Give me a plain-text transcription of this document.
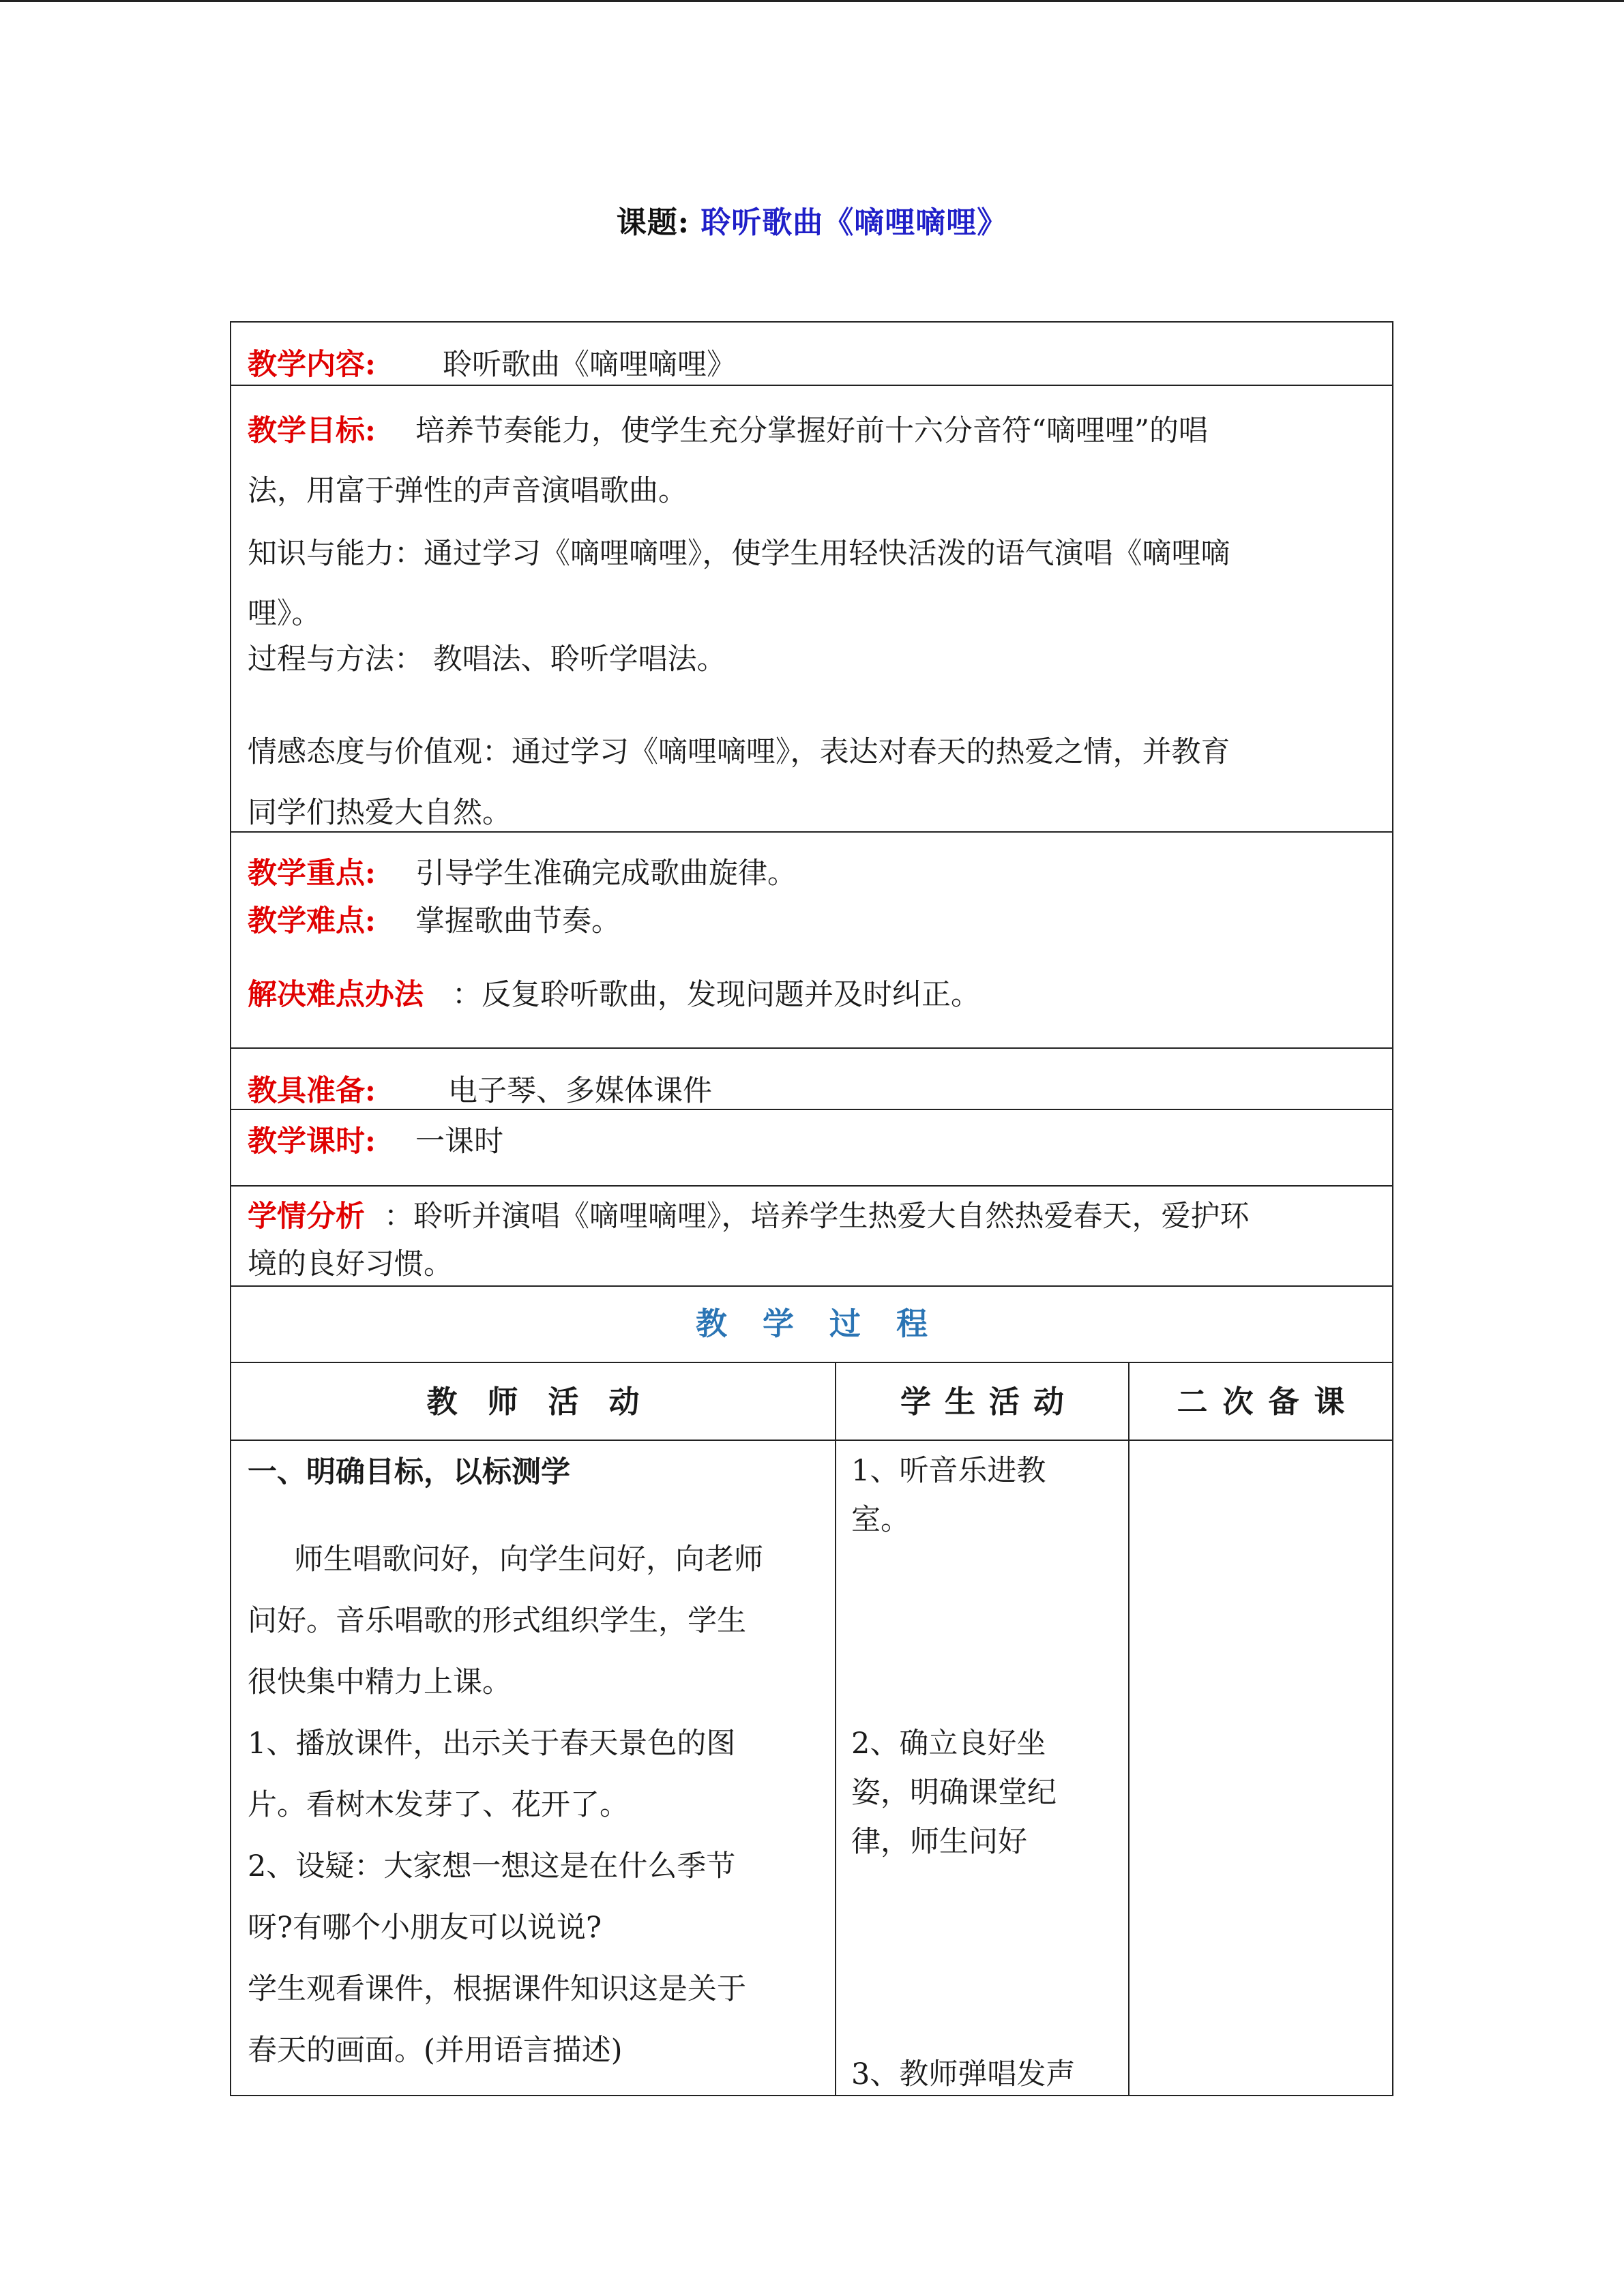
课题: 聆听歌曲《嘀哩嘀哩》
教学内容: 聆听歌曲《嘀哩嘀哩》
教学目标: 培养节奏能力，使学生充分掌握好前十六分音符“嘀哩哩”的唱
法，用富于弹性的声音演唱歌曲。
知识与能力：通过学习《嘀哩嘀哩》，使学生用轻快活泼的语气演唱《嘀哩嘀
哩》。
过程与方法： 教唱法、聆听学唱法。
情感态度与价值观：通过学习《嘀哩嘀哩》，表达对春天的热爱之情，并教育
同学们热爱大自然。
教学重点: 引导学生准确完成歌曲旋律。
教学难点: 掌握歌曲节奏。
解决难点办法 ：反复聆听歌曲，发现问题并及时纠正。
教具准备: 电子琴、多媒体课件
教学课时: 一课时
学情分析 ：聆听并演唱《嘀哩嘀哩》，培养学生热爱大自然热爱春天，爱护环
境的良好习惯。
教学过程
教师活动	学生活动	二次备课
一、明确目标，以标测学
师生唱歌问好，向学生问好，向老师
问好。音乐唱歌的形式组织学生，学生
很快集中精力上课。
1、播放课件，出示关于春天景色的图
片。看树木发芽了、花开了。
2、设疑：大家想一想这是在什么季节
呀?有哪个小朋友可以说说?
学生观看课件，根据课件知识这是关于
春天的画面。(并用语言描述)
1、听音乐进教
室。
2、确立良好坐
姿，明确课堂纪
律，师生问好
3、教师弹唱发声
